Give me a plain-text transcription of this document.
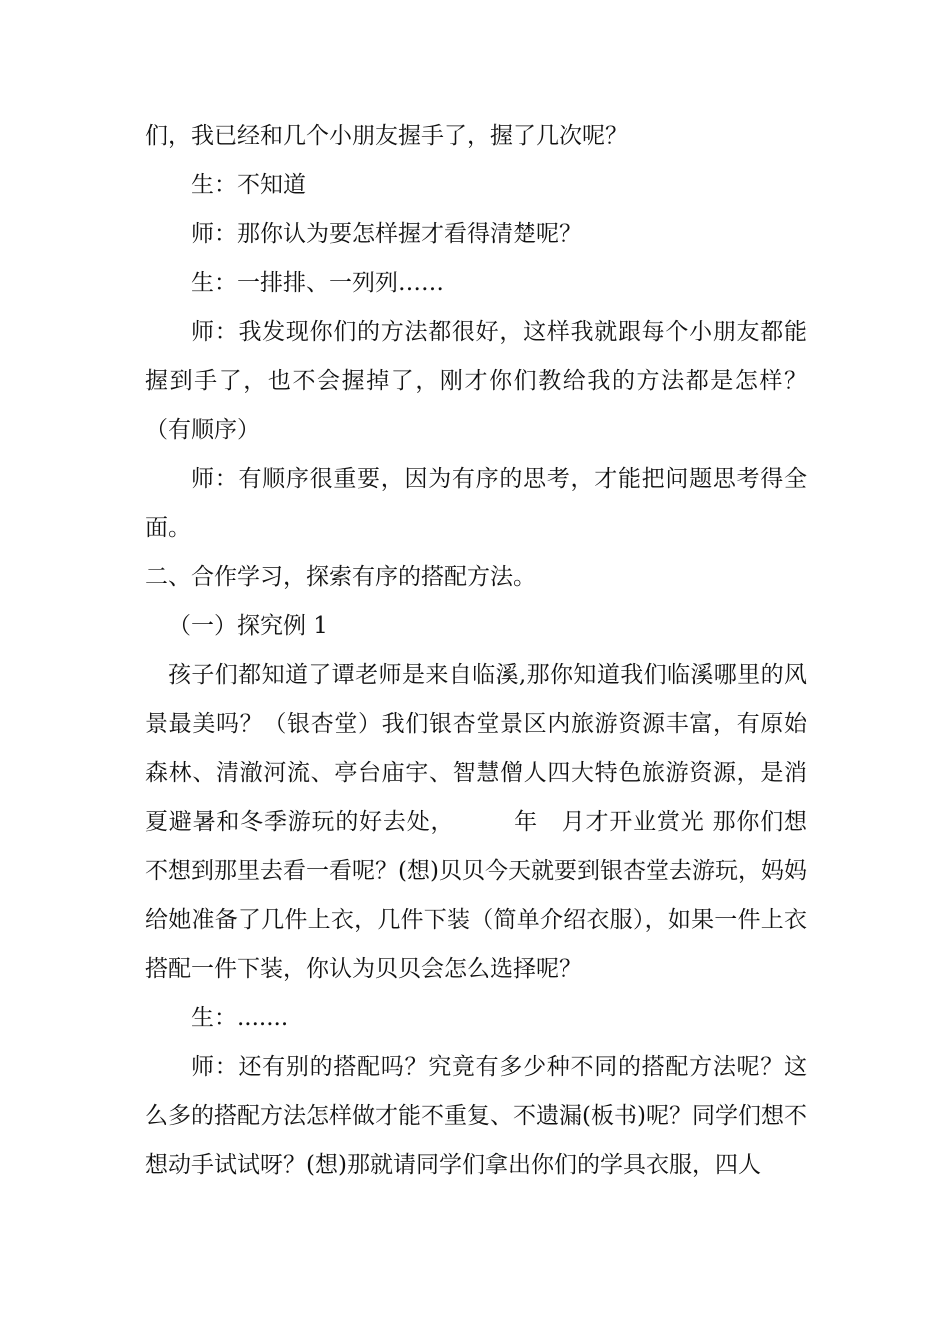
们，我已经和几个小朋友握手了，握了几次呢？

生：不知道

师：那你认为要怎样握才看得清楚呢？

生：一排排、一列列……

师：我发现你们的方法都很好，这样我就跟每个小朋友都能握到手了，也不会握掉了，刚才你们教给我的方法都是怎样？（有顺序）

师：有顺序很重要，因为有序的思考，才能把问题思考得全面。

二、合作学习，探索有序的搭配方法。

（一）探究例 1

孩子们都知道了谭老师是来自临溪,那你知道我们临溪哪里的风景最美吗？（银杏堂）我们银杏堂景区内旅游资源丰富，有原始森林、清澈河流、亭台庙宇、智慧僧人四大特色旅游资源，是消夏避暑和冬季游玩的好去处，　　　年　月才开业赏光 那你们想不想到那里去看一看呢？(想)贝贝今天就要到银杏堂去游玩，妈妈给她准备了几件上衣，几件下装（简单介绍衣服），如果一件上衣搭配一件下装，你认为贝贝会怎么选择呢？

生：.......

师：还有别的搭配吗？究竟有多少种不同的搭配方法呢？这么多的搭配方法怎样做才能不重复、不遗漏(板书)呢？同学们想不想动手试试呀？(想)那就请同学们拿出你们的学具衣服，四人
